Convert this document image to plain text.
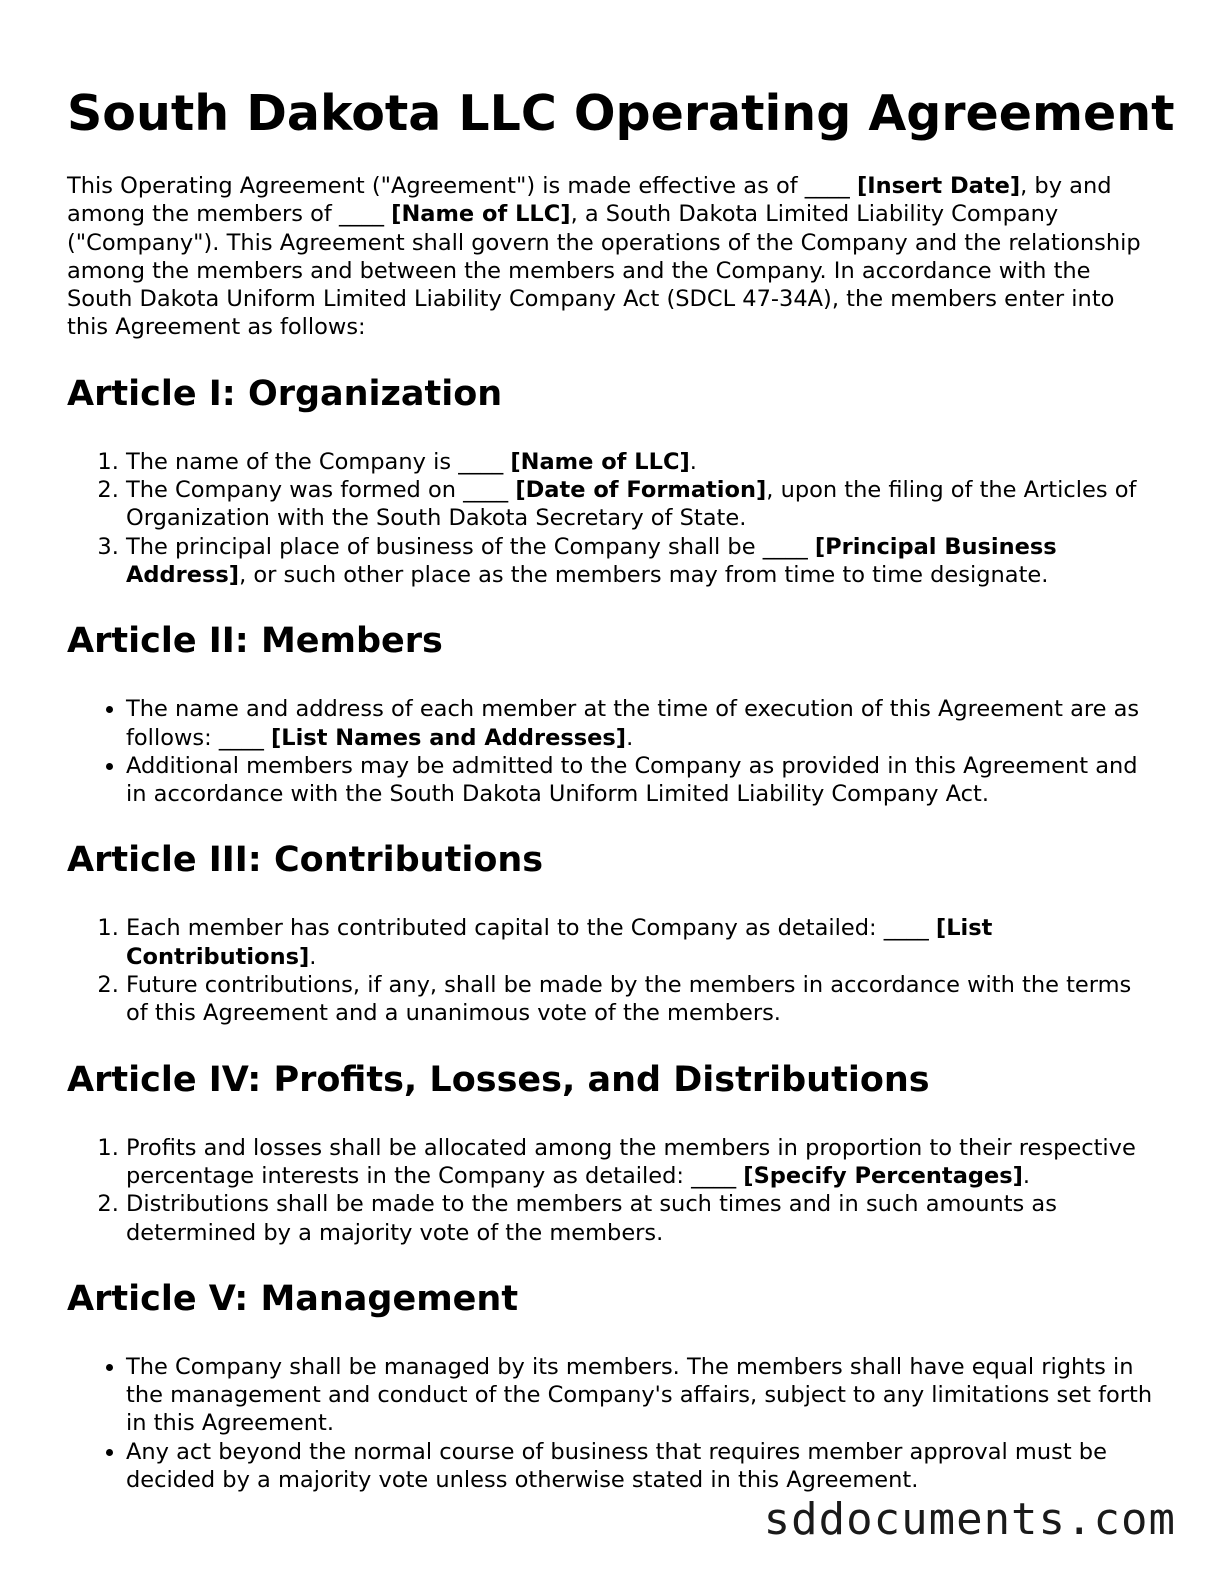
South Dakota LLC Operating Agreement

This Operating Agreement ("Agreement") is made effective as of ____ [Insert Date], by and among the members of ____ [Name of LLC], a South Dakota Limited Liability Company ("Company"). This Agreement shall govern the operations of the Company and the relationship among the members and between the members and the Company. In accordance with the South Dakota Uniform Limited Liability Company Act (SDCL 47-34A), the members enter into this Agreement as follows:

Article I: Organization
1. The name of the Company is ____ [Name of LLC].
2. The Company was formed on ____ [Date of Formation], upon the filing of the Articles of Organization with the South Dakota Secretary of State.
3. The principal place of business of the Company shall be ____ [Principal Business Address], or such other place as the members may from time to time designate.
Article II: Members
• The name and address of each member at the time of execution of this Agreement are as follows: ____ [List Names and Addresses].
• Additional members may be admitted to the Company as provided in this Agreement and in accordance with the South Dakota Uniform Limited Liability Company Act.
Article III: Contributions
1. Each member has contributed capital to the Company as detailed: ____ [List Contributions].
2. Future contributions, if any, shall be made by the members in accordance with the terms of this Agreement and a unanimous vote of the members.
Article IV: Profits, Losses, and Distributions
1. Profits and losses shall be allocated among the members in proportion to their respective percentage interests in the Company as detailed: ____ [Specify Percentages].
2. Distributions shall be made to the members at such times and in such amounts as determined by a majority vote of the members.
Article V: Management
• The Company shall be managed by its members. The members shall have equal rights in the management and conduct of the Company's affairs, subject to any limitations set forth in this Agreement.
• Any act beyond the normal course of business that requires member approval must be decided by a majority vote unless otherwise stated in this Agreement.
sddocuments.com
